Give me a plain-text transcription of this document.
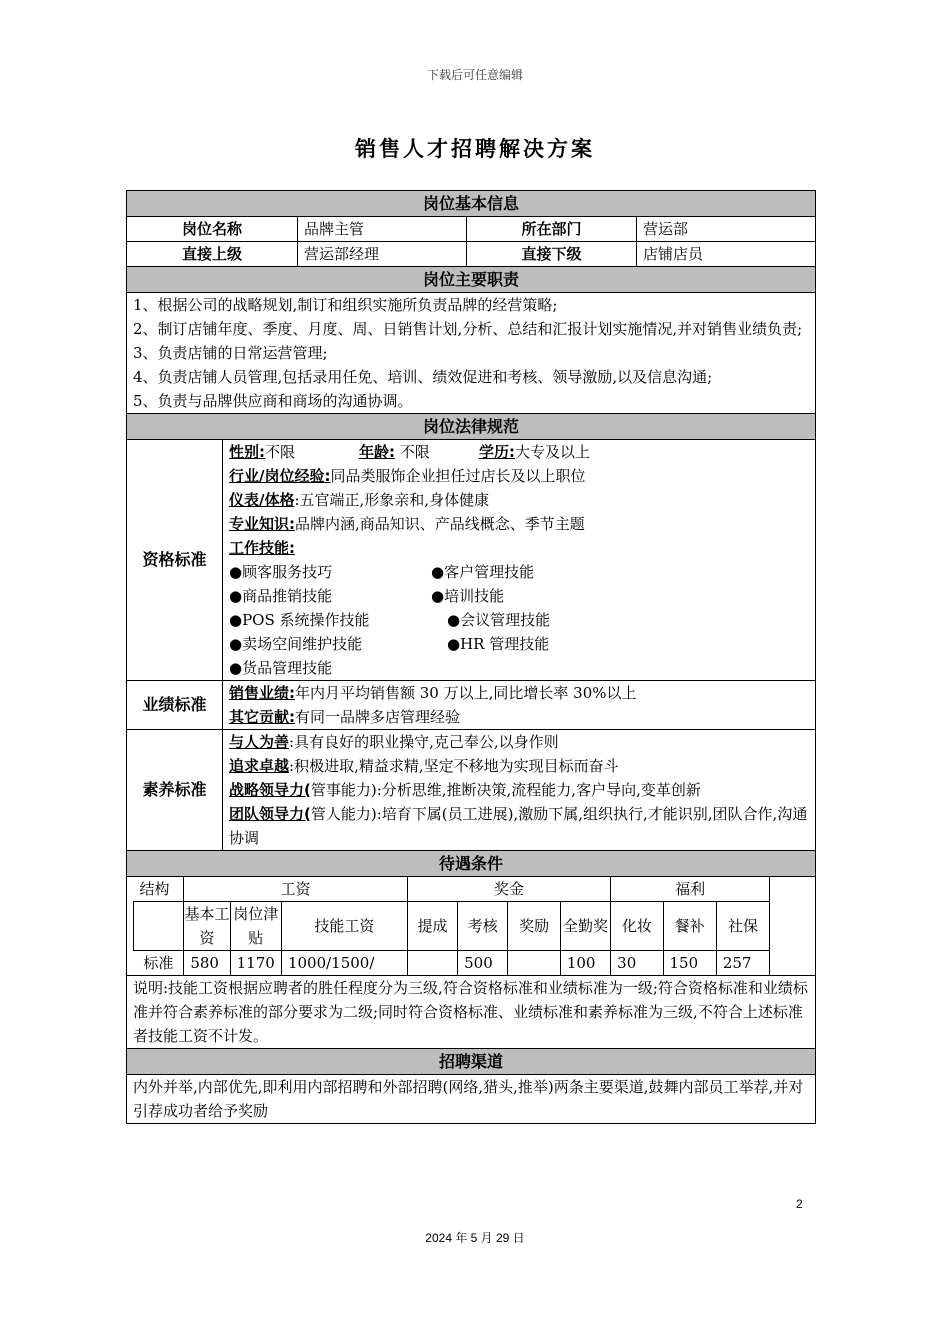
下载后可任意编辑
销售人才招聘解决方案
岗位基本信息
岗位名称	品牌主管	所在部门	营运部
直接上级	营运部经理	直接下级	店铺店员
岗位主要职责

1、根据公司的战略规划,制订和组织实施所负责品牌的经营策略;
2、制订店铺年度、季度、月度、周、日销售计划,分析、总结和汇报计划实施情况,并对销售业绩负责;
3、负责店铺的日常运营管理;
4、负责店铺人员管理,包括录用任免、培训、绩效促进和考核、领导激励,以及信息沟通;
5、负责与品牌供应商和商场的沟通协调。

岗位法律规范
资格标准	
性别:不限	年龄: 不限	学历:大专及以上
行业/岗位经验:同品类服饰企业担任过店长及以上职位
仪表/体格:五官端正,形象亲和,身体健康
专业知识:品牌内涵,商品知识、产品线概念、季节主题
工作技能:
●顾客服务技巧	●客户管理技能
●商品推销技能	●培训技能
●POS 系统操作技能	●会议管理技能
●卖场空间维护技能	●HR 管理技能
●货品管理技能

业绩标准	
销售业绩:年内月平均销售额 30 万以上,同比增长率 30%以上
其它贡献:有同一品牌多店管理经验

素养标准	
与人为善:具有良好的职业操守,克己奉公,以身作则
追求卓越:积极进取,精益求精,坚定不移地为实现目标而奋斗
战略领导力(管事能力):分析思维,推断决策,流程能力,客户导向,变革创新
团队领导力(管人能力):培育下属(员工进展),激励下属,组织执行,才能识别,团队合作,沟通协调

待遇条件

结构	工资	奖金	福利	
	基本工资	岗位津贴	技能工资	提成	考核	奖励	全勤奖	化妆	餐补	社保	
标准	580	1170	1000/1500/		500		100	30	150	257	

说明:技能工资根据应聘者的胜任程度分为三级,符合资格标准和业绩标准为一级;符合资格标准和业绩标准并符合素养标准的部分要求为二级;同时符合资格标准、业绩标准和素养标准为三级,不符合上述标准者技能工资不计发。
招聘渠道
内外并举,内部优先,即利用内部招聘和外部招聘(网络,猎头,推举)两条主要渠道,鼓舞内部员工举荐,并对引荐成功者给予奖励
2
2024 年 5 月 29 日
